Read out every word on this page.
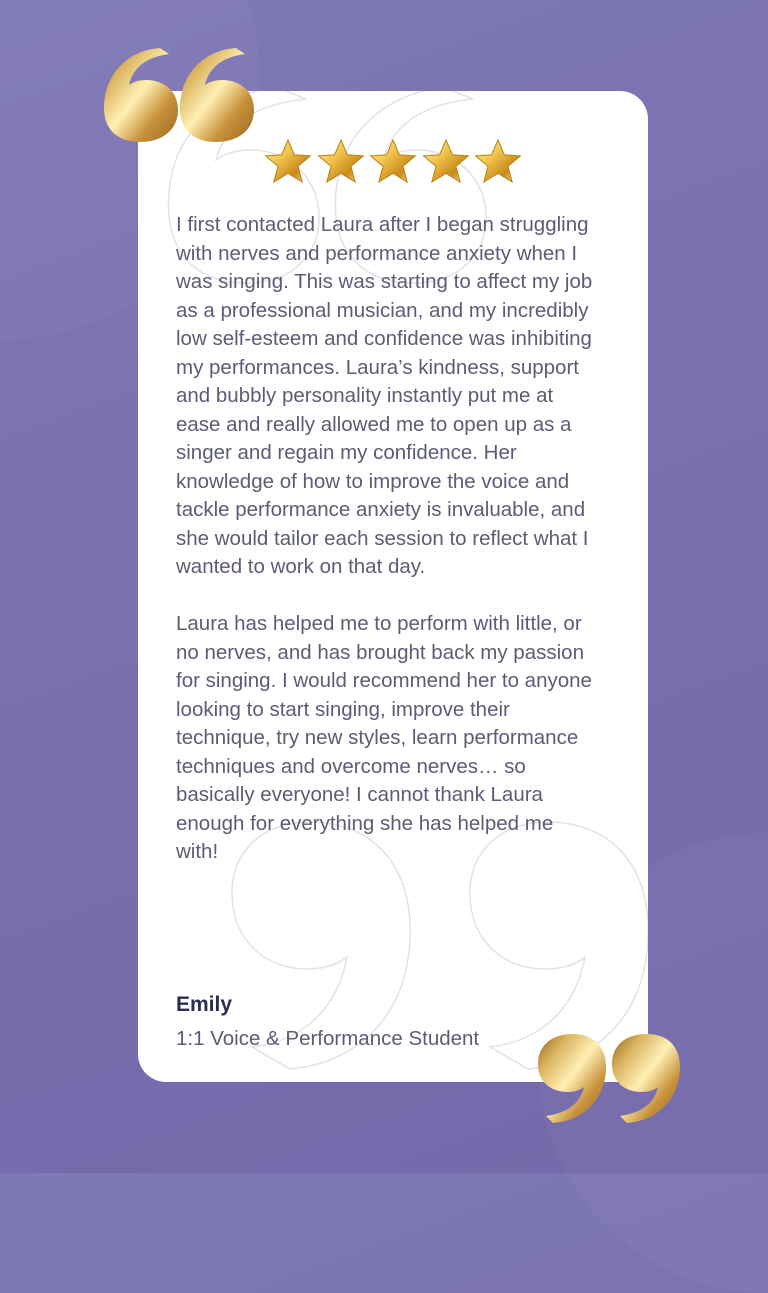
I first contacted Laura after I began struggling with nerves and performance anxiety when I was singing. This was starting to affect my job as a professional musician, and my incredibly low self-esteem and confidence was inhibiting my performances. Laura’s kindness, support and bubbly personality instantly put me at ease and really allowed me to open up as a singer and regain my confidence. Her knowledge of how to improve the voice and tackle performance anxiety is invaluable, and she would tailor each session to reflect what I wanted to work on that day.

Laura has helped me to perform with little, or no nerves, and has brought back my passion for singing. I would recommend her to anyone looking to start singing, improve their technique, try new styles, learn performance techniques and overcome nerves… so basically everyone! I cannot thank Laura enough for everything she has helped me with!

Emily
1:1 Voice & Performance Student
